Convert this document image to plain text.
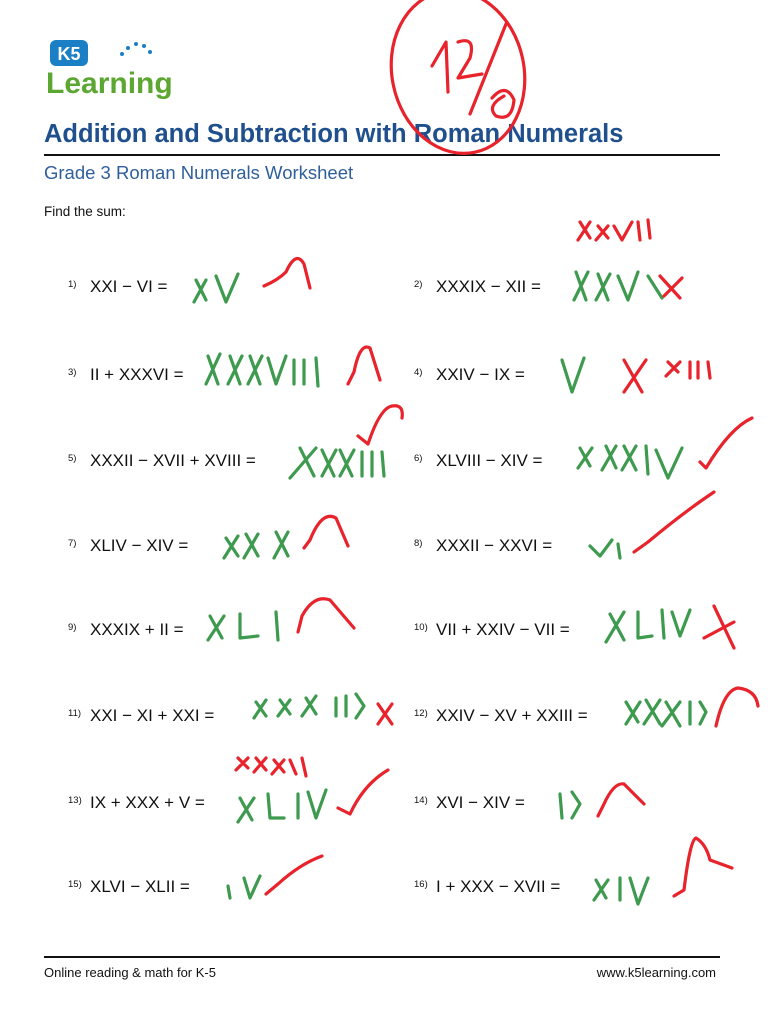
K5
Learning
Addition and Subtraction with Roman Numerals
Grade 3 Roman Numerals Worksheet
Find the sum:
1) XXI − VI =
3) II + XXXVI =
5) XXXII − XVII + XVIII =
7) XLIV − XIV =
9) XXXIX + II =
11) XXI − XI + XXI =
13) IX + XXX + V =
15) XLVI − XLII =
2) XXXIX − XII =
4) XXIV − IX =
6) XLVIII − XIV =
8) XXXII − XXVI =
10) VII + XXIV − VII =
12) XXIV − XV + XXIII =
14) XVI − XIV =
16) I + XXX − XVII =
Online reading & math for K-5	www.k5learning.com
